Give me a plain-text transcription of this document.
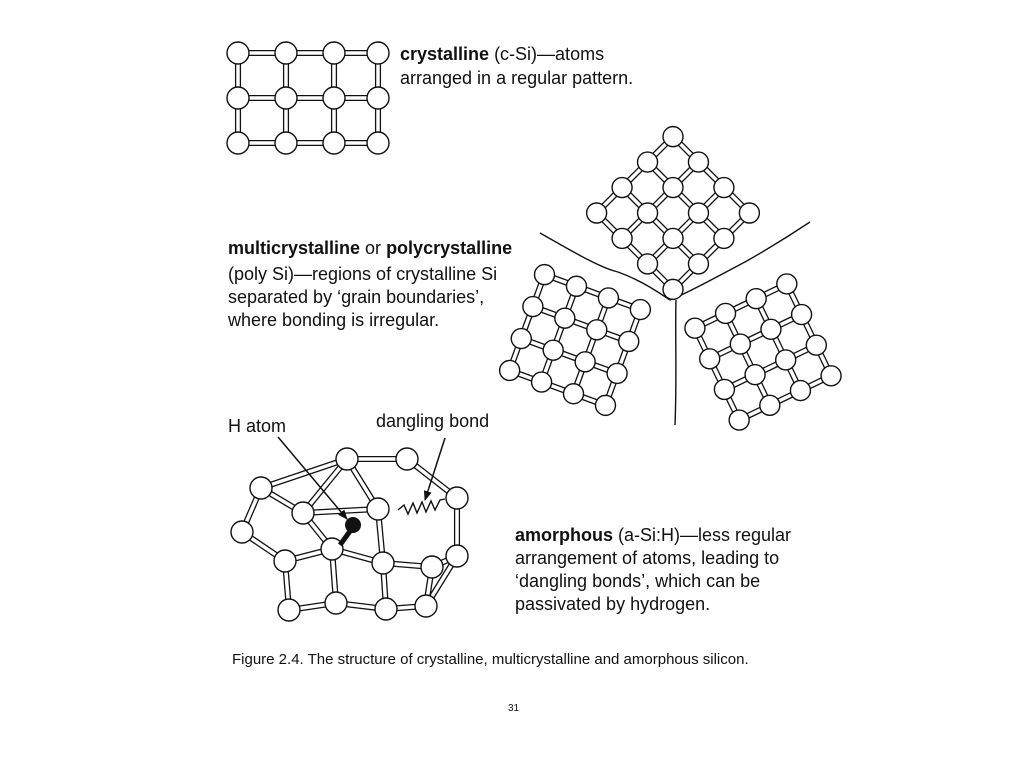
crystalline (c-Si)—atoms
arranged in a regular pattern.
multicrystalline or polycrystalline
(poly Si)—regions of crystalline Si
separated by ‘grain boundaries’,
where bonding is irregular.
H atom	dangling bond
amorphous (a-Si:H)—less regular
arrangement of atoms, leading to
‘dangling bonds’, which can be
passivated by hydrogen.
Figure 2.4. The structure of crystalline, multicrystalline and amorphous silicon.
31
